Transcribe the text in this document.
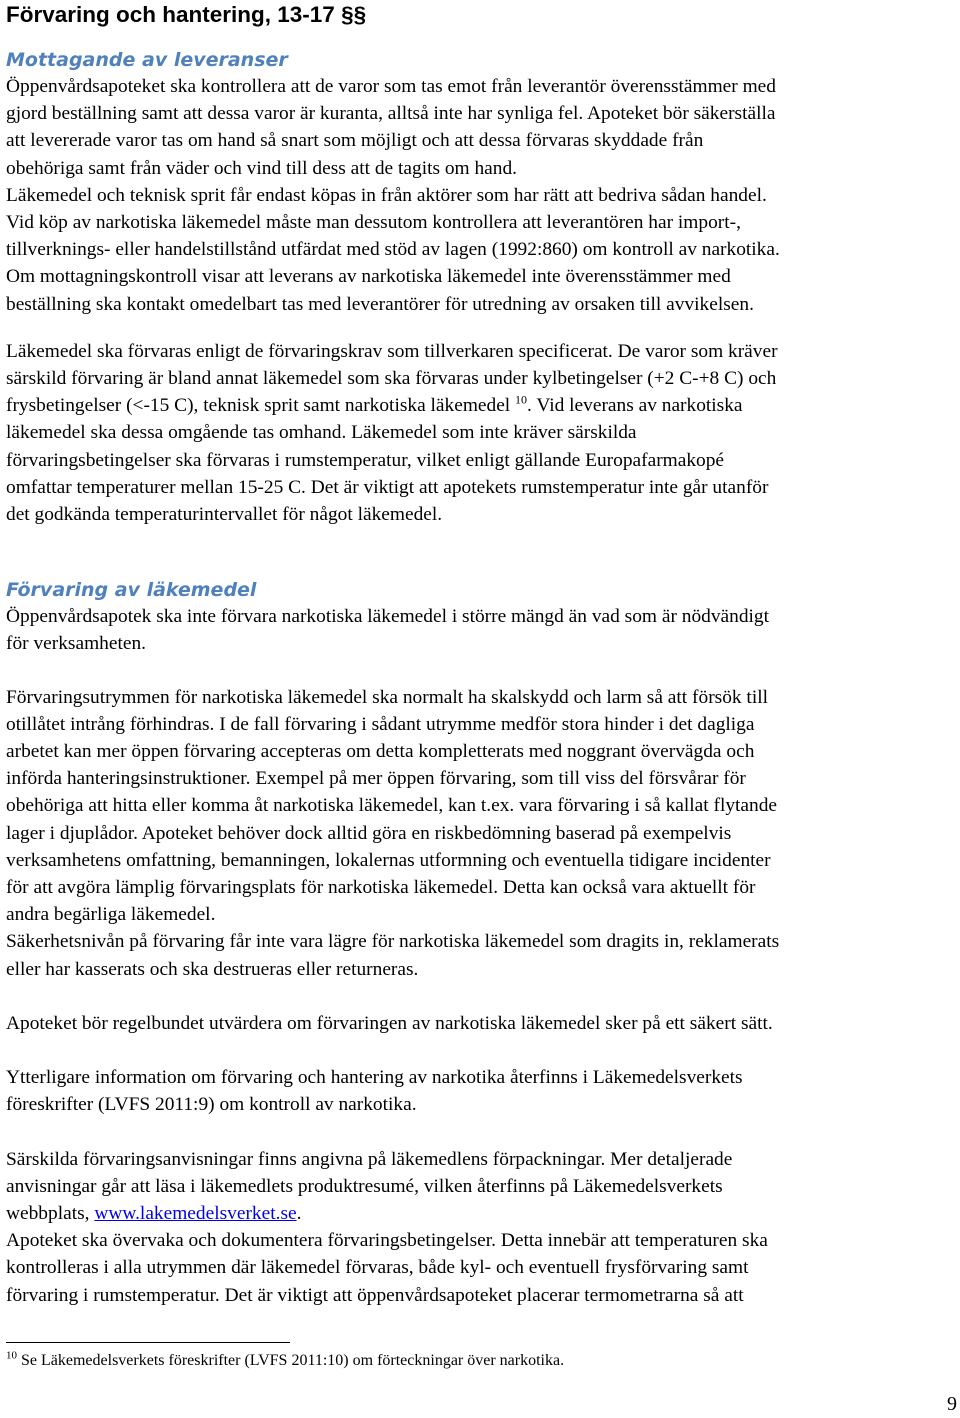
Förvaring och hantering, 13-17 §§
Mottagande av leveranser

Öppenvårdsapoteket ska kontrollera att de varor som tas emot från leverantör överensstämmer med
gjord beställning samt att dessa varor är kuranta, alltså inte har synliga fel. Apoteket bör säkerställa
att levererade varor tas om hand så snart som möjligt och att dessa förvaras skyddade från
obehöriga samt från väder och vind till dess att de tagits om hand.
Läkemedel och teknisk sprit får endast köpas in från aktörer som har rätt att bedriva sådan handel.
Vid köp av narkotiska läkemedel måste man dessutom kontrollera att leverantören har import-,
tillverknings- eller handelstillstånd utfärdat med stöd av lagen (1992:860) om kontroll av narkotika.
Om mottagningskontroll visar att leverans av narkotiska läkemedel inte överensstämmer med
beställning ska kontakt omedelbart tas med leverantörer för utredning av orsaken till avvikelsen.

Läkemedel ska förvaras enligt de förvaringskrav som tillverkaren specificerat. De varor som kräver
särskild förvaring är bland annat läkemedel som ska förvaras under kylbetingelser (+2 C-+8 C) och
frysbetingelser (<-15 C), teknisk sprit samt narkotiska läkemedel $^{10}$. Vid leverans av narkotiska
läkemedel ska dessa omgående tas omhand. Läkemedel som inte kräver särskilda
förvaringsbetingelser ska förvaras i rumstemperatur, vilket enligt gällande Europafarmakopé
omfattar temperaturer mellan 15-25 C. Det är viktigt att apotekets rumstemperatur inte går utanför
det godkända temperaturintervallet för något läkemedel.

Förvaring av läkemedel

Öppenvårdsapotek ska inte förvara narkotiska läkemedel i större mängd än vad som är nödvändigt
för verksamheten.

Förvaringsutrymmen för narkotiska läkemedel ska normalt ha skalskydd och larm så att försök till
otillåtet intrång förhindras. I de fall förvaring i sådant utrymme medför stora hinder i det dagliga
arbetet kan mer öppen förvaring accepteras om detta kompletterats med noggrant övervägda och
införda hanteringsinstruktioner. Exempel på mer öppen förvaring, som till viss del försvårar för
obehöriga att hitta eller komma åt narkotiska läkemedel, kan t.ex. vara förvaring i så kallat flytande
lager i djuplådor. Apoteket behöver dock alltid göra en riskbedömning baserad på exempelvis
verksamhetens omfattning, bemanningen, lokalernas utformning och eventuella tidigare incidenter
för att avgöra lämplig förvaringsplats för narkotiska läkemedel. Detta kan också vara aktuellt för
andra begärliga läkemedel.
Säkerhetsnivån på förvaring får inte vara lägre för narkotiska läkemedel som dragits in, reklamerats
eller har kasserats och ska destrueras eller returneras.

Apoteket bör regelbundet utvärdera om förvaringen av narkotiska läkemedel sker på ett säkert sätt.

Ytterligare information om förvaring och hantering av narkotika återfinns i Läkemedelsverkets
föreskrifter (LVFS 2011:9) om kontroll av narkotika.

Särskilda förvaringsanvisningar finns angivna på läkemedlens förpackningar. Mer detaljerade
anvisningar går att läsa i läkemedlets produktresumé, vilken återfinns på Läkemedelsverkets
webbplats, www.lakemedelsverket.se.

Apoteket ska övervaka och dokumentera förvaringsbetingelser. Detta innebär att temperaturen ska
kontrolleras i alla utrymmen där läkemedel förvaras, både kyl- och eventuell frysförvaring samt
förvaring i rumstemperatur. Det är viktigt att öppenvårdsapoteket placerar termometrarna så att

$^{10}$ Se Läkemedelsverkets föreskrifter (LVFS 2011:10) om förteckningar över narkotika.
9
